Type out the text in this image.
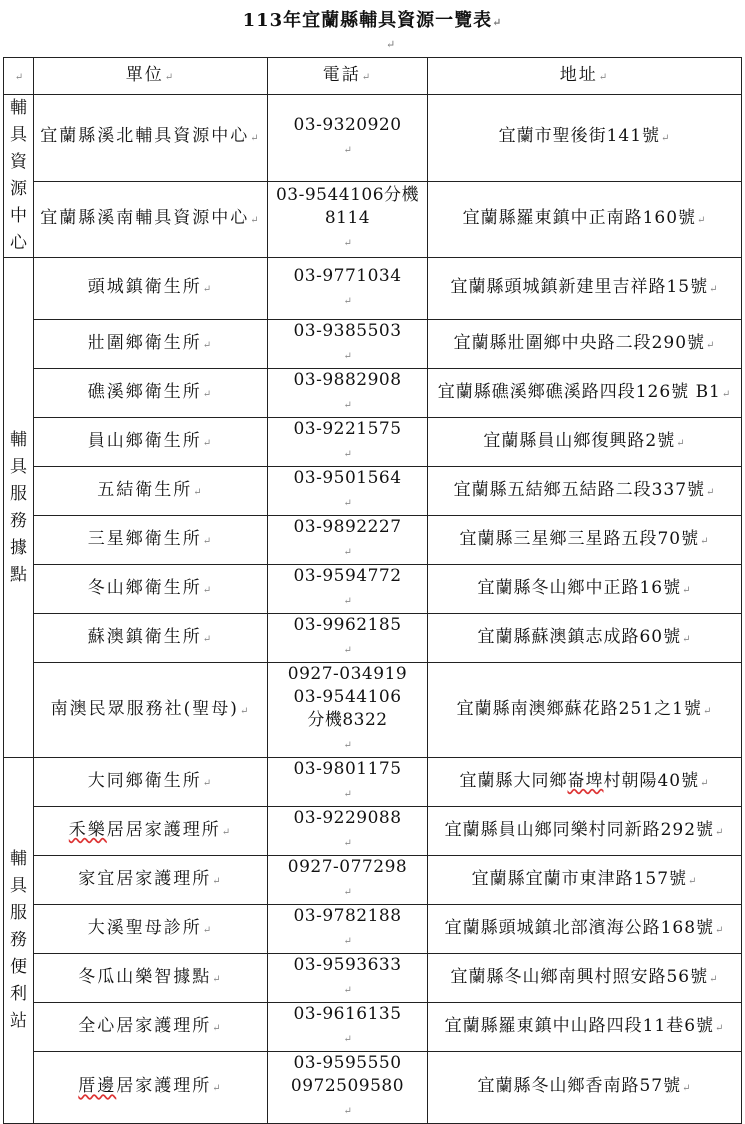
113年宜蘭縣輔具資源一覽表↵
↵
↵	單位↵	電話↵	地址↵
輔具資源中心	宜蘭縣溪北輔具資源中心↵	03-9320920
↵	宜蘭市聖後街141號↵
	宜蘭縣溪南輔具資源中心↵	03-9544106分機
8114
↵	宜蘭縣羅東鎮中正南路160號↵
輔具服務據點	頭城鎮衛生所↵	03-9771034
↵	宜蘭縣頭城鎮新建里吉祥路15號↵
	壯圍鄉衛生所↵	03-9385503
↵	宜蘭縣壯圍鄉中央路二段290號↵
	礁溪鄉衛生所↵	03-9882908
↵	宜蘭縣礁溪鄉礁溪路四段126號 B1↵
	員山鄉衛生所↵	03-9221575
↵	宜蘭縣員山鄉復興路2號↵
	五結衛生所↵	03-9501564
↵	宜蘭縣五結鄉五結路二段337號↵
	三星鄉衛生所↵	03-9892227
↵	宜蘭縣三星鄉三星路五段70號↵
	冬山鄉衛生所↵	03-9594772
↵	宜蘭縣冬山鄉中正路16號↵
	蘇澳鎮衛生所↵	03-9962185
↵	宜蘭縣蘇澳鎮志成路60號↵
	南澳民眾服務社(聖母)↵	0927-034919
03-9544106
分機8322
↵	宜蘭縣南澳鄉蘇花路251之1號↵
輔具服務便利站	大同鄉衛生所↵	03-9801175
↵	宜蘭縣大同鄉崙埤村朝陽40號↵
	禾樂居居家護理所↵	03-9229088
↵	宜蘭縣員山鄉同樂村同新路292號↵
	家宜居家護理所↵	0927-077298
↵	宜蘭縣宜蘭市東津路157號↵
	大溪聖母診所↵	03-9782188
↵	宜蘭縣頭城鎮北部濱海公路168號↵
	冬瓜山樂智據點↵	03-9593633
↵	宜蘭縣冬山鄉南興村照安路56號↵
	全心居家護理所↵	03-9616135
↵	宜蘭縣羅東鎮中山路四段11巷6號↵
	厝邊居家護理所↵	03-9595550
0972509580
↵	宜蘭縣冬山鄉香南路57號↵
